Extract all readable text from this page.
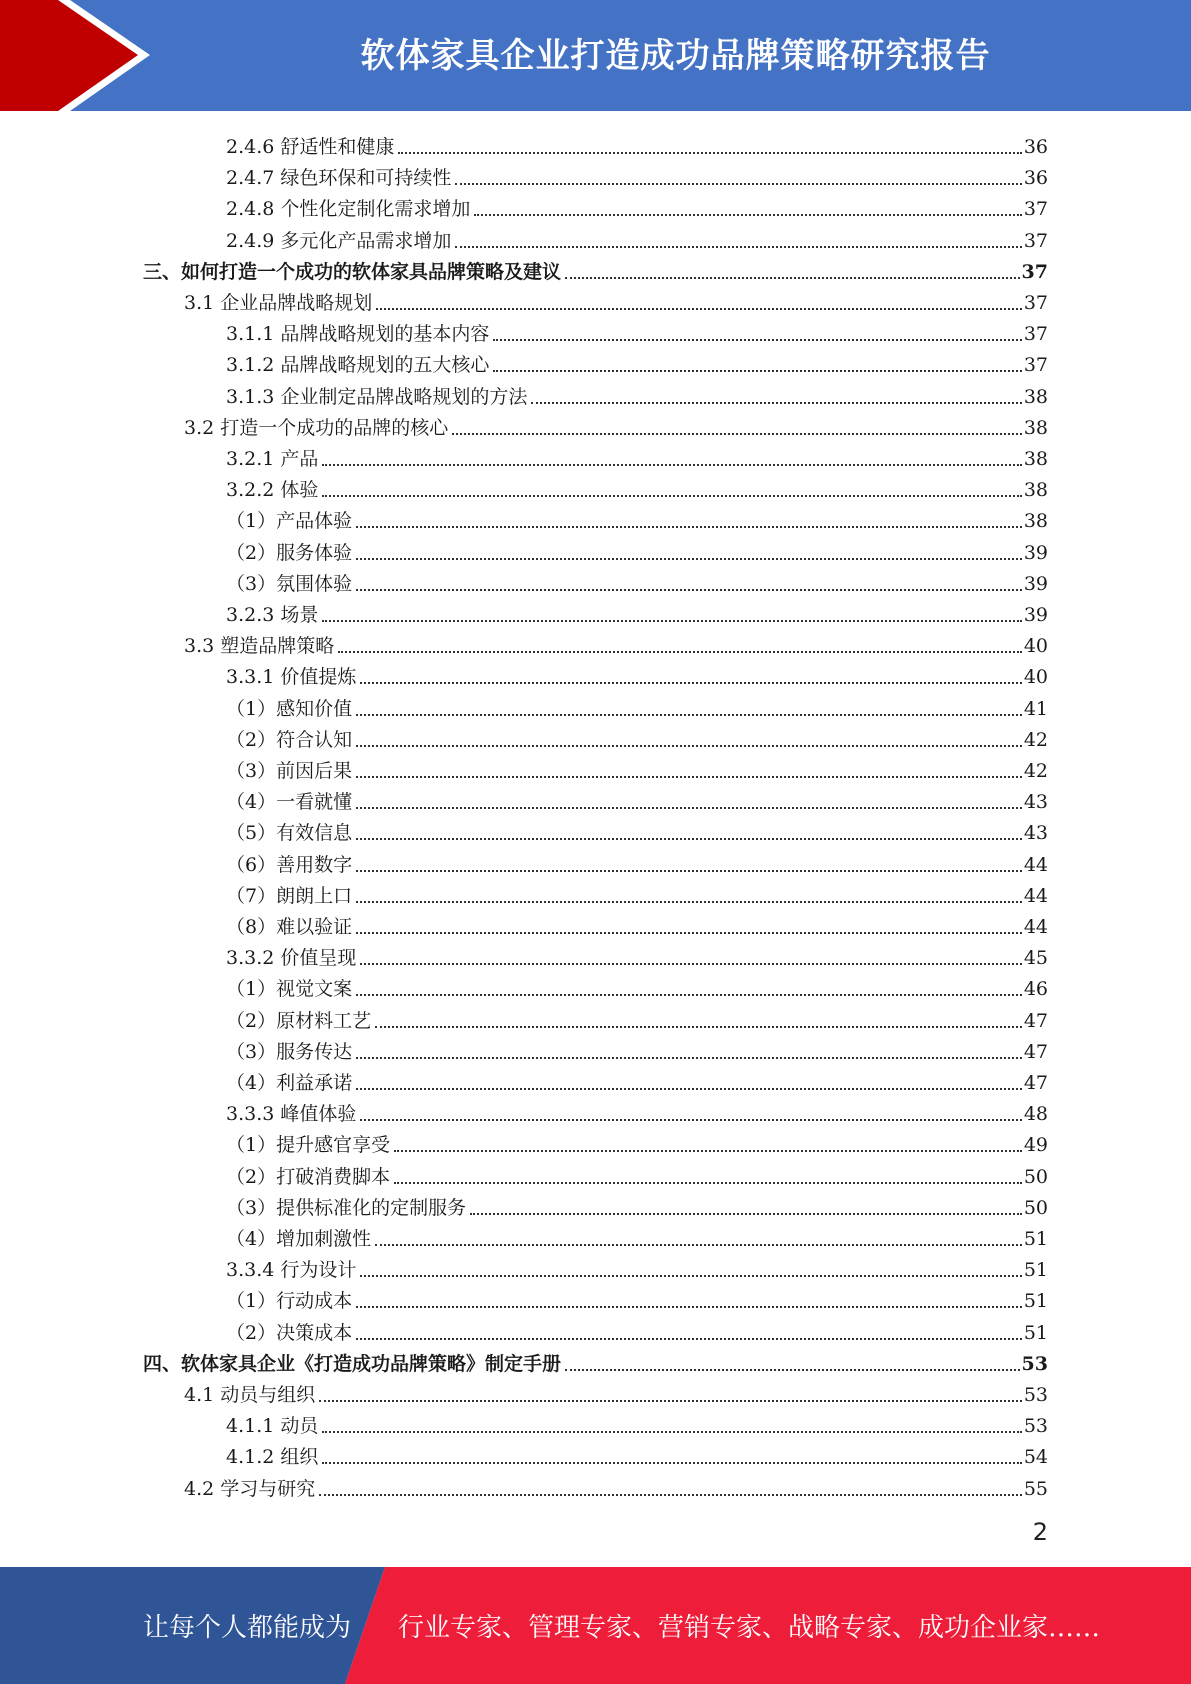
软体家具企业打造成功品牌策略研究报告
2.4.6 舒适性和健康	36
2.4.7 绿色环保和可持续性	36
2.4.8 个性化定制化需求增加	37
2.4.9 多元化产品需求增加	37
三、如何打造一个成功的软体家具品牌策略及建议	37
3.1 企业品牌战略规划	37
3.1.1 品牌战略规划的基本内容	37
3.1.2 品牌战略规划的五大核心	37
3.1.3 企业制定品牌战略规划的方法	38
3.2 打造一个成功的品牌的核心	38
3.2.1 产品	38
3.2.2 体验	38
（1）产品体验	38
（2）服务体验	39
（3）氛围体验	39
3.2.3 场景	39
3.3 塑造品牌策略	40
3.3.1 价值提炼	40
（1）感知价值	41
（2）符合认知	42
（3）前因后果	42
（4）一看就懂	43
（5）有效信息	43
（6）善用数字	44
（7）朗朗上口	44
（8）难以验证	44
3.3.2 价值呈现	45
（1）视觉文案	46
（2）原材料工艺	47
（3）服务传达	47
（4）利益承诺	47
3.3.3 峰值体验	48
（1）提升感官享受	49
（2）打破消费脚本	50
（3）提供标准化的定制服务	50
（4）增加刺激性	51
3.3.4 行为设计	51
（1）行动成本	51
（2）决策成本	51
四、软体家具企业《打造成功品牌策略》制定手册	53
4.1 动员与组织	53
4.1.1 动员	53
4.1.2 组织	54
4.2 学习与研究	55
2
让每个人都能成为 行业专家、管理专家、营销专家、战略专家、成功企业家……
